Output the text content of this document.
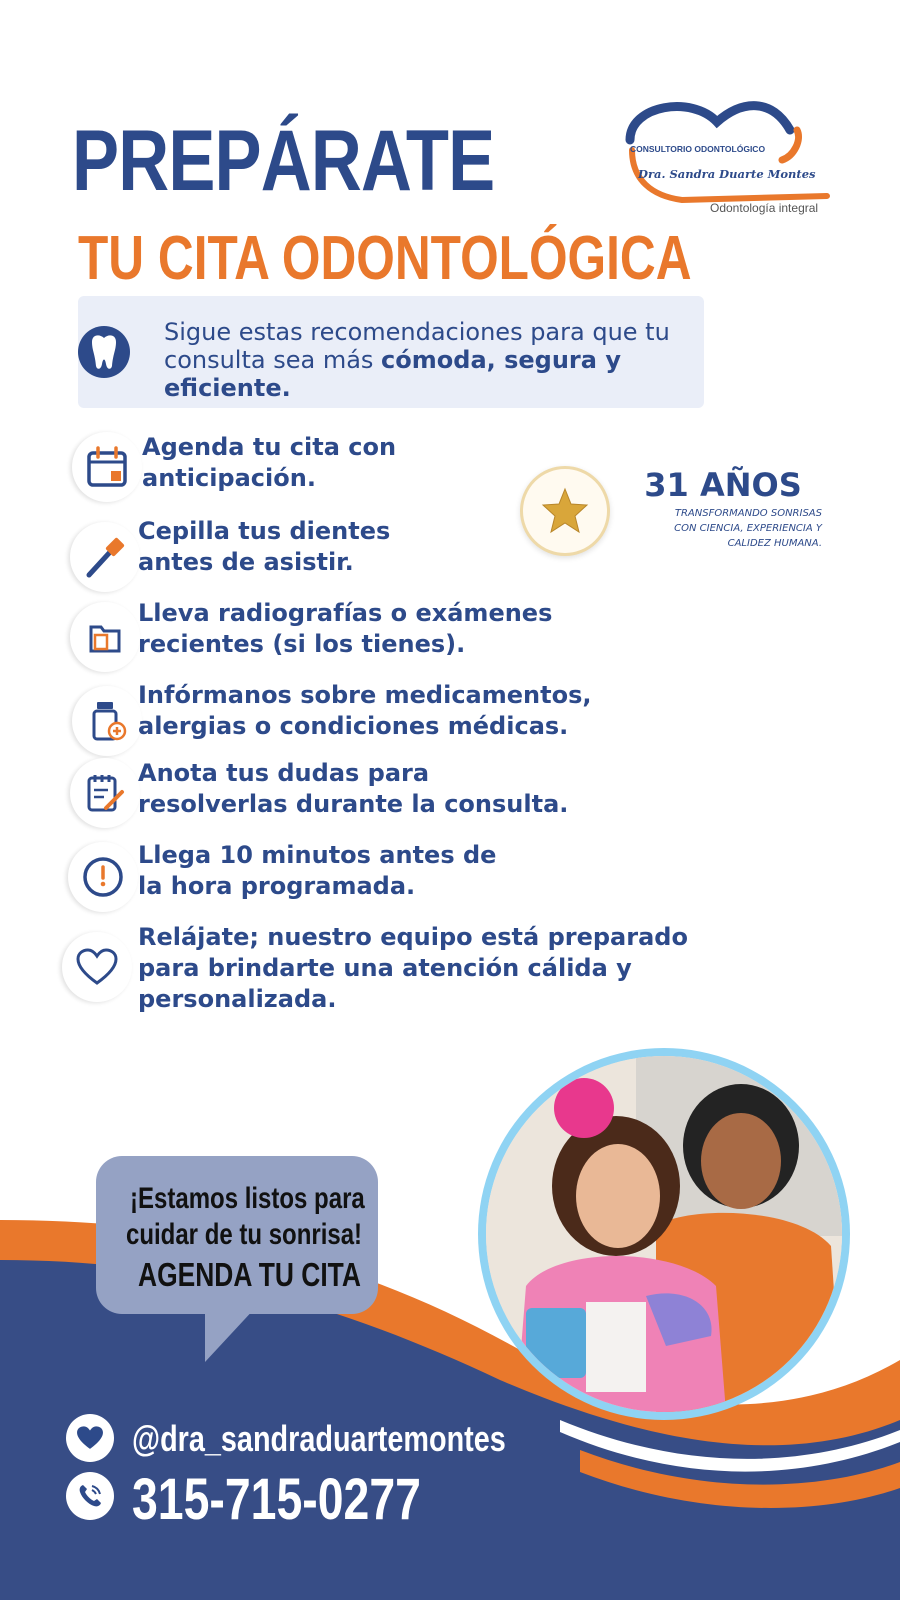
PREPÁRATE
TU CITA ODONTOLÓGICA
CONSULTORIO ODONTOLÓGICO
Dra. Sandra Duarte Montes
Odontología integral

Sigue estas recomendaciones para que tu consulta sea más cómoda, segura y eficiente.

31 AÑOS

TRANSFORMANDO SONRISAS
CON CIENCIA, EXPERIENCIA Y
CALIDEZ HUMANA.

Agenda tu cita con
anticipación.

Cepilla tus dientes
antes de asistir.

Lleva radiografías o exámenes
recientes (si los tienes).

Infórmanos sobre medicamentos,
alergias o condiciones médicas.

Anota tus dudas para
resolverlas durante la consulta.

Llega 10 minutos antes de
la hora programada.

Relájate; nuestro equipo está preparado
para brindarte una atención cálida y
personalizada.

¡Estamos listos para

cuidar de tu sonrisa!

AGENDA TU CITA

@dra_sandraduartemontes

315-715-0277
